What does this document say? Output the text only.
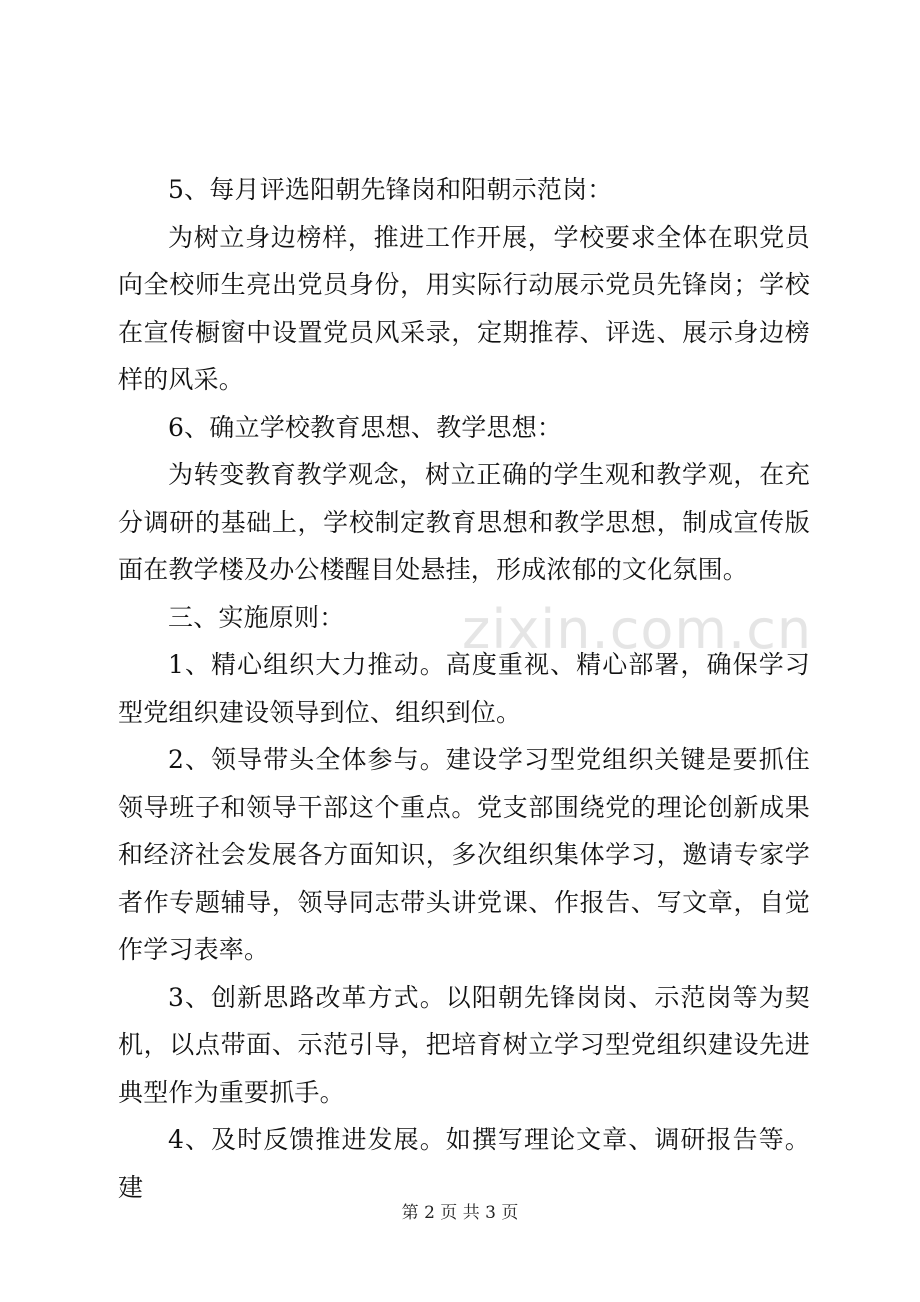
5、每月评选阳朝先锋岗和阳朝示范岗：

为树立身边榜样，推进工作开展，学校要求全体在职党员向全校师生亮出党员身份，用实际行动展示党员先锋岗；学校在宣传橱窗中设置党员风采录，定期推荐、评选、展示身边榜样的风采。

6、确立学校教育思想、教学思想：

为转变教育教学观念，树立正确的学生观和教学观，在充分调研的基础上，学校制定教育思想和教学思想，制成宣传版面在教学楼及办公楼醒目处悬挂，形成浓郁的文化氛围。

三、实施原则：

1、精心组织大力推动。高度重视、精心部署，确保学习型党组织建设领导到位、组织到位。

2、领导带头全体参与。建设学习型党组织关键是要抓住领导班子和领导干部这个重点。党支部围绕党的理论创新成果和经济社会发展各方面知识，多次组织集体学习，邀请专家学者作专题辅导，领导同志带头讲党课、作报告、写文章，自觉作学习表率。

3、创新思路改革方式。以阳朝先锋岗岗、示范岗等为契机，以点带面、示范引导，把培育树立学习型党组织建设先进典型作为重要抓手。

4、及时反馈推进发展。如撰写理论文章、调研报告等。建

zixin.com.cn
第 2 页 共 3 页
